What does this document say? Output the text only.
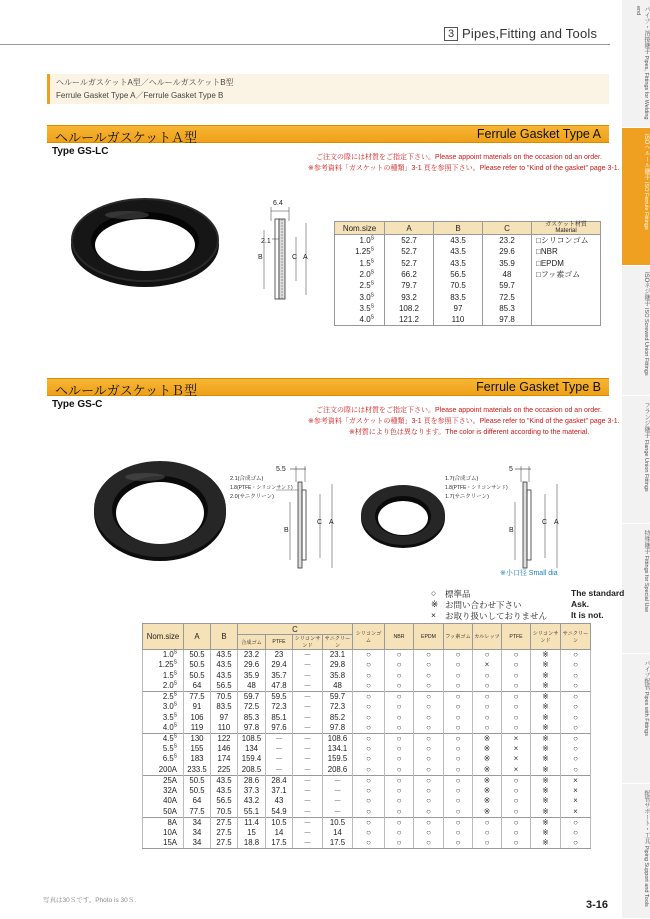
3 Pipes,Fitting and Tools	パイプ・溶接継手 Pipes, Fittings for Welding end
ISOヘルール継手 ISO Ferrule Fittings
ISOネジ継手 ISO Screwed Union Fittings
フランジ継手 Flange Union Fittings
特殊継手 Fittings for Special Use
パイプ配管 Pipes with Fittings
配管サポート・工具 Piping Support and Tools
ヘルールガスケットA型／ヘルールガスケットB型
Ferrule Gasket Type A／Ferrule Gasket Type B
ヘルールガスケットＡ型	Ferrule Gasket Type A
Type GS-LC
ご注文の際には材質をご指定下さい。Please appoint materials on the occasion od an order.
※参考資料「ガスケットの種類」3-1 頁を参照下さい。Please refer to "Kind of the gasket" page 3-1.
6.4
2.1
B	C A
Nom.size	A	B	C	ガスケット材質
Material

$1.0^S$	52.7	43.5	23.2	□シリコンゴム
$1.25^S$	52.7	43.5	29.6	□NBR
$1.5^S$	52.7	43.5	35.9	□EPDM
$2.0^S$	66.2	56.5	48	□フッ素ゴム
$2.5^S$	79.7	70.5	59.7	
$3.0^S$	93.2	83.5	72.5	
$3.5^S$	108.2	97	85.3	
$4.0^S$	121.2	110	97.8	
ヘルールガスケットＢ型	Ferrule Gasket Type B
Type GS-C
ご注文の際には材質をご指定下さい。Please appoint materials on the occasion od an order.
※参考資料「ガスケットの種類」3-1 頁を参照下さい。Please refer to "Kind of the gasket" page 3-1.
※材質により色は異なります。The color is different according to the material.
5.5
2.1(合成ゴム)
1.8(PTFE・シリコンサンド)
2.0(サニクリーン)
B
C A
5
1.7(合成ゴム)
1.8(PTFE・シリコンサンド)
1.7(サニクリーン)
B
C A
※小口径 Small dia
○	標準品	The standard
※ お問い合わせ下さい	Ask.
×	お取り扱いしておりません	It is not.
Nom.size	A	B	C				シリコンゴム	NBR	EPDM	フッ素ゴム	カルレッツ	PTFE	シリコンサンド	サニクリーン
			合成ゴム	PTFE	シリコンサンド	サニクリーン								
$1.0^S$	50.5	43.5	23.2	23	－	23.1	○	○	○	○	○	○	※	○
$1.25^S$	50.5	43.5	29.6	29.4	－	29.8	○	○	○	○	×	○	※	○
$1.5^S$	50.5	43.5	35.9	35.7	－	35.8	○	○	○	○	○	○	※	○
$2.0^S$	64	56.5	48	47.8	－	48	○	○	○	○	○	○	※	○
$2.5^S$	77.5	70.5	59.7	59.5	－	59.7	○	○	○	○	○	○	※	○
$3.0^S$	91	83.5	72.5	72.3	－	72.3	○	○	○	○	○	○	※	○
$3.5^S$	106	97	85.3	85.1	－	85.2	○	○	○	○	○	○	※	○
$4.0^S$	119	110	97.8	97.6	－	97.8	○	○	○	○	○	○	※	○
$4.5^S$	130	122	108.5	－	－	108.6	○	○	○	○	※	×	※	○
$5.5^S$	155	146	134	－	－	134.1	○	○	○	○	※	×	※	○
$6.5^S$	183	174	159.4	－	－	159.5	○	○	○	○	※	×	※	○
200A	233.5	225	208.5	－	－	208.6	○	○	○	○	※	×	※	○
25A	50.5	43.5	28.6	28.4	－	－	○	○	○	○	※	○	※	×
32A	50.5	43.5	37.3	37.1	－	－	○	○	○	○	※	○	※	×
40A	64	56.5	43.2	43	－	－	○	○	○	○	※	○	※	×
50A	77.5	70.5	55.1	54.9	－	－	○	○	○	○	※	○	※	×
8A	34	27.5	11.4	10.5	－	10.5	○	○	○	○	○	○	※	○
10A	34	27.5	15	14	－	14	○	○	○	○	○	○	※	○
15A	34	27.5	18.8	17.5	－	17.5	○	○	○	○	○	○	※	○
写真は30Ｓです。Photo is 30Ｓ.	3-16
